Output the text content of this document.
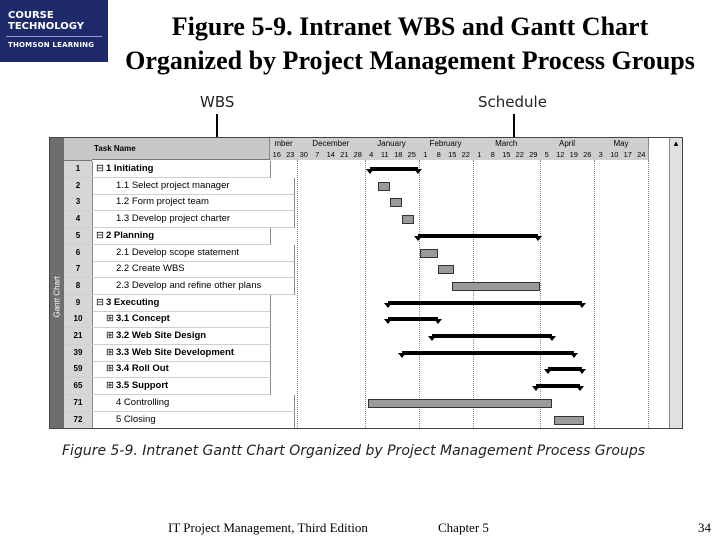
COURSE
TECHNOLOGY
THOMSON LEARNING
Figure 5-9. Intranet WBS and Gantt Chart
Organized by Project Management Process Groups
WBS	Schedule
Gantt Chart
Task Name
mber	December	January	February	March	April	May
16 23 30 7 14 21 28 4	11 18 25 1	8 15 22 1	8 15 22 29 5 12 19 26 3 10 17 24
1	⊟ 1 Initiating
2	1.1 Select project manager
3	1.2 Form project team
4	1.3 Develop project charter
5	⊟ 2 Planning
6	2.1 Develop scope statement
7	2.2 Create WBS
8	2.3 Develop and refine other plans
9	⊟ 3 Executing
10	⊞ 3.1 Concept
21	⊞ 3.2 Web Site Design
39	⊞ 3.3 Web Site Development
59	⊞ 3.4 Roll Out
65	⊞ 3.5 Support
71	4 Controlling
72	5 Closing
▲
Figure 5-9. Intranet Gantt Chart Organized by Project Management Process Groups
IT Project Management, Third Edition	Chapter 5	34
